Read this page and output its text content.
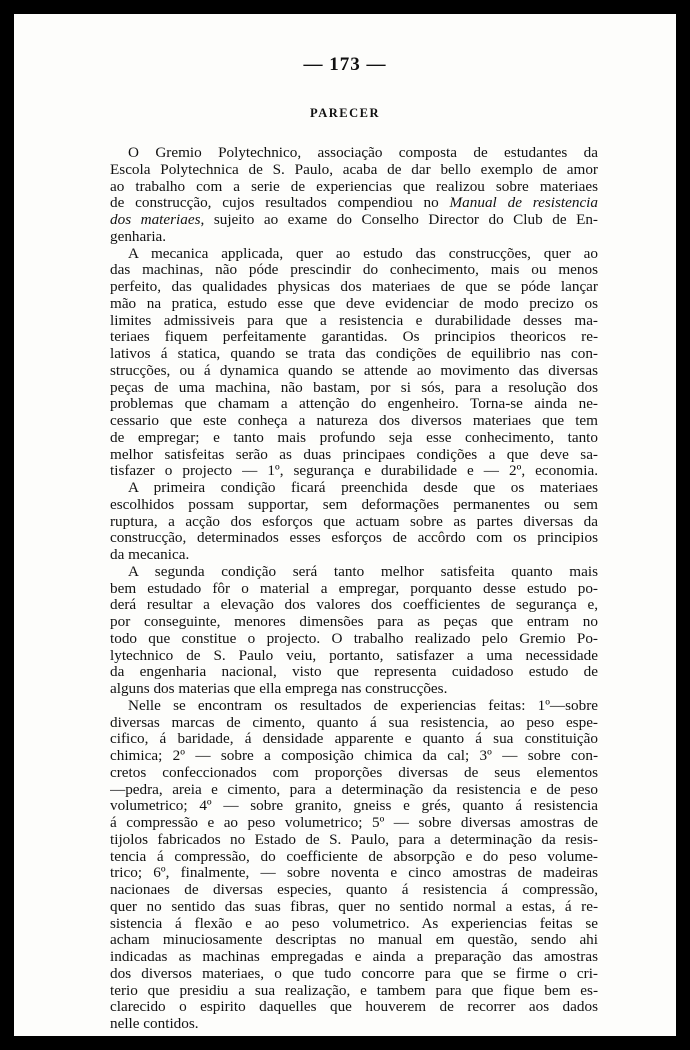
— 173 —
PARECER
O Gremio Polytechnico, associação composta de estudantes da
Escola Polytechnica de S. Paulo, acaba de dar bello exemplo de amor
ao trabalho com a serie de experiencias que realizou sobre materiaes
de construcção, cujos resultados compendiou no Manual de resistencia
dos materiaes, sujeito ao exame do Conselho Director do Club de En-
genharia.
A mecanica applicada, quer ao estudo das construcções, quer ao
das machinas, não póde prescindir do conhecimento, mais ou menos
perfeito, das qualidades physicas dos materiaes de que se póde lançar
mão na pratica, estudo esse que deve evidenciar de modo precizo os
limites admissiveis para que a resistencia e durabilidade desses ma-
teriaes fiquem perfeitamente garantidas. Os principios theoricos re-
lativos á statica, quando se trata das condições de equilibrio nas con-
strucções, ou á dynamica quando se attende ao movimento das diversas
peças de uma machina, não bastam, por si sós, para a resolução dos
problemas que chamam a attenção do engenheiro. Torna-se ainda ne-
cessario que este conheça a natureza dos diversos materiaes que tem
de empregar; e tanto mais profundo seja esse conhecimento, tanto
melhor satisfeitas serão as duas principaes condições a que deve sa-
tisfazer o projecto — 1º, segurança e durabilidade e — 2º, economia.
A primeira condição ficará preenchida desde que os materiaes
escolhidos possam supportar, sem deformações permanentes ou sem
ruptura, a acção dos esforços que actuam sobre as partes diversas da
construcção, determinados esses esforços de accôrdo com os principios
da mecanica.
A segunda condição será tanto melhor satisfeita quanto mais
bem estudado fôr o material a empregar, porquanto desse estudo po-
derá resultar a elevação dos valores dos coefficientes de segurança e,
por conseguinte, menores dimensões para as peças que entram no
todo que constitue o projecto. O trabalho realizado pelo Gremio Po-
lytechnico de S. Paulo veiu, portanto, satisfazer a uma necessidade
da engenharia nacional, visto que representa cuidadoso estudo de
alguns dos materias que ella emprega nas construcções.
Nelle se encontram os resultados de experiencias feitas: 1º—sobre
diversas marcas de cimento, quanto á sua resistencia, ao peso espe-
cifico, á baridade, á densidade apparente e quanto á sua constituição
chimica; 2º — sobre a composição chimica da cal; 3º — sobre con-
cretos confeccionados com proporções diversas de seus elementos
—pedra, areia e cimento, para a determinação da resistencia e de peso
volumetrico; 4º — sobre granito, gneiss e grés, quanto á resistencia
á compressão e ao peso volumetrico; 5º — sobre diversas amostras de
tijolos fabricados no Estado de S. Paulo, para a determinação da resis-
tencia á compressão, do coefficiente de absorpção e do peso volume-
trico; 6º, finalmente, — sobre noventa e cinco amostras de madeiras
nacionaes de diversas especies, quanto á resistencia á compressão,
quer no sentido das suas fibras, quer no sentido normal a estas, á re-
sistencia á flexão e ao peso volumetrico. As experiencias feitas se
acham minuciosamente descriptas no manual em questão, sendo ahi
indicadas as machinas empregadas e ainda a preparação das amostras
dos diversos materiaes, o que tudo concorre para que se firme o cri-
terio que presidiu a sua realização, e tambem para que fique bem es-
clarecido o espirito daquelles que houverem de recorrer aos dados
nelle contidos.
